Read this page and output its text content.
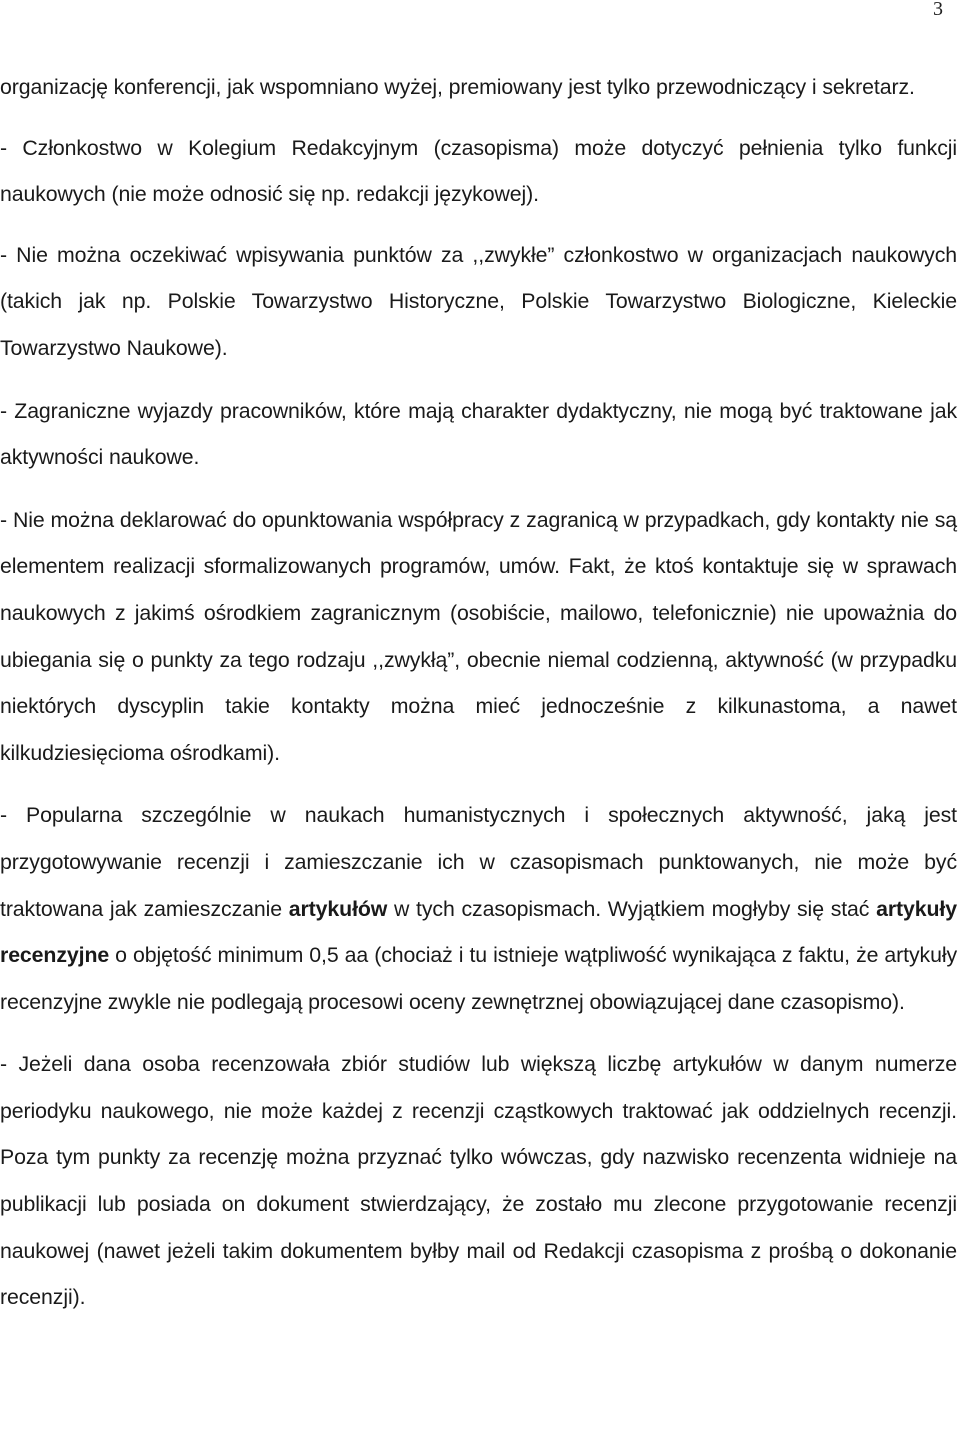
3

organizację konferencji, jak wspomniano wyżej, premiowany jest tylko przewodniczący i sekretarz.

- Członkostwo w Kolegium Redakcyjnym (czasopisma) może dotyczyć pełnienia tylko funkcji naukowych (nie może odnosić się np. redakcji językowej).

- Nie można oczekiwać wpisywania punktów za ,,zwykłe” członkostwo w organizacjach naukowych (takich jak np. Polskie Towarzystwo Historyczne, Polskie Towarzystwo Biologiczne, Kieleckie Towarzystwo Naukowe).

- Zagraniczne wyjazdy pracowników, które mają charakter dydaktyczny, nie mogą być traktowane jak aktywności naukowe.

- Nie można deklarować do opunktowania współpracy z zagranicą w przypadkach, gdy kontakty nie są elementem realizacji sformalizowanych programów, umów. Fakt, że ktoś kontaktuje się w sprawach naukowych z jakimś ośrodkiem zagranicznym (osobiście, mailowo, telefonicznie) nie upoważnia do ubiegania się o punkty za tego rodzaju ,,zwykłą”, obecnie niemal codzienną, aktywność (w przypadku niektórych dyscyplin takie kontakty można mieć jednocześnie z kilkunastoma, a nawet kilkudziesięcioma ośrodkami).

- Popularna szczególnie w naukach humanistycznych i społecznych aktywność, jaką jest przygotowywanie recenzji i zamieszczanie ich w czasopismach punktowanych, nie może być traktowana jak zamieszczanie artykułów w tych czasopismach. Wyjątkiem mogłyby się stać artykuły recenzyjne o objętość minimum 0,5 aa (chociaż i tu istnieje wątpliwość wynikająca z faktu, że artykuły recenzyjne zwykle nie podlegają procesowi oceny zewnętrznej obowiązującej dane czasopismo).

- Jeżeli dana osoba recenzowała zbiór studiów lub większą liczbę artykułów w danym numerze periodyku naukowego, nie może każdej z recenzji cząstkowych traktować jak oddzielnych recenzji. Poza tym punkty za recenzję można przyznać tylko wówczas, gdy nazwisko recenzenta widnieje na publikacji lub posiada on dokument stwierdzający, że zostało mu zlecone przygotowanie recenzji naukowej (nawet jeżeli takim dokumentem byłby mail od Redakcji czasopisma z prośbą o dokonanie recenzji).
